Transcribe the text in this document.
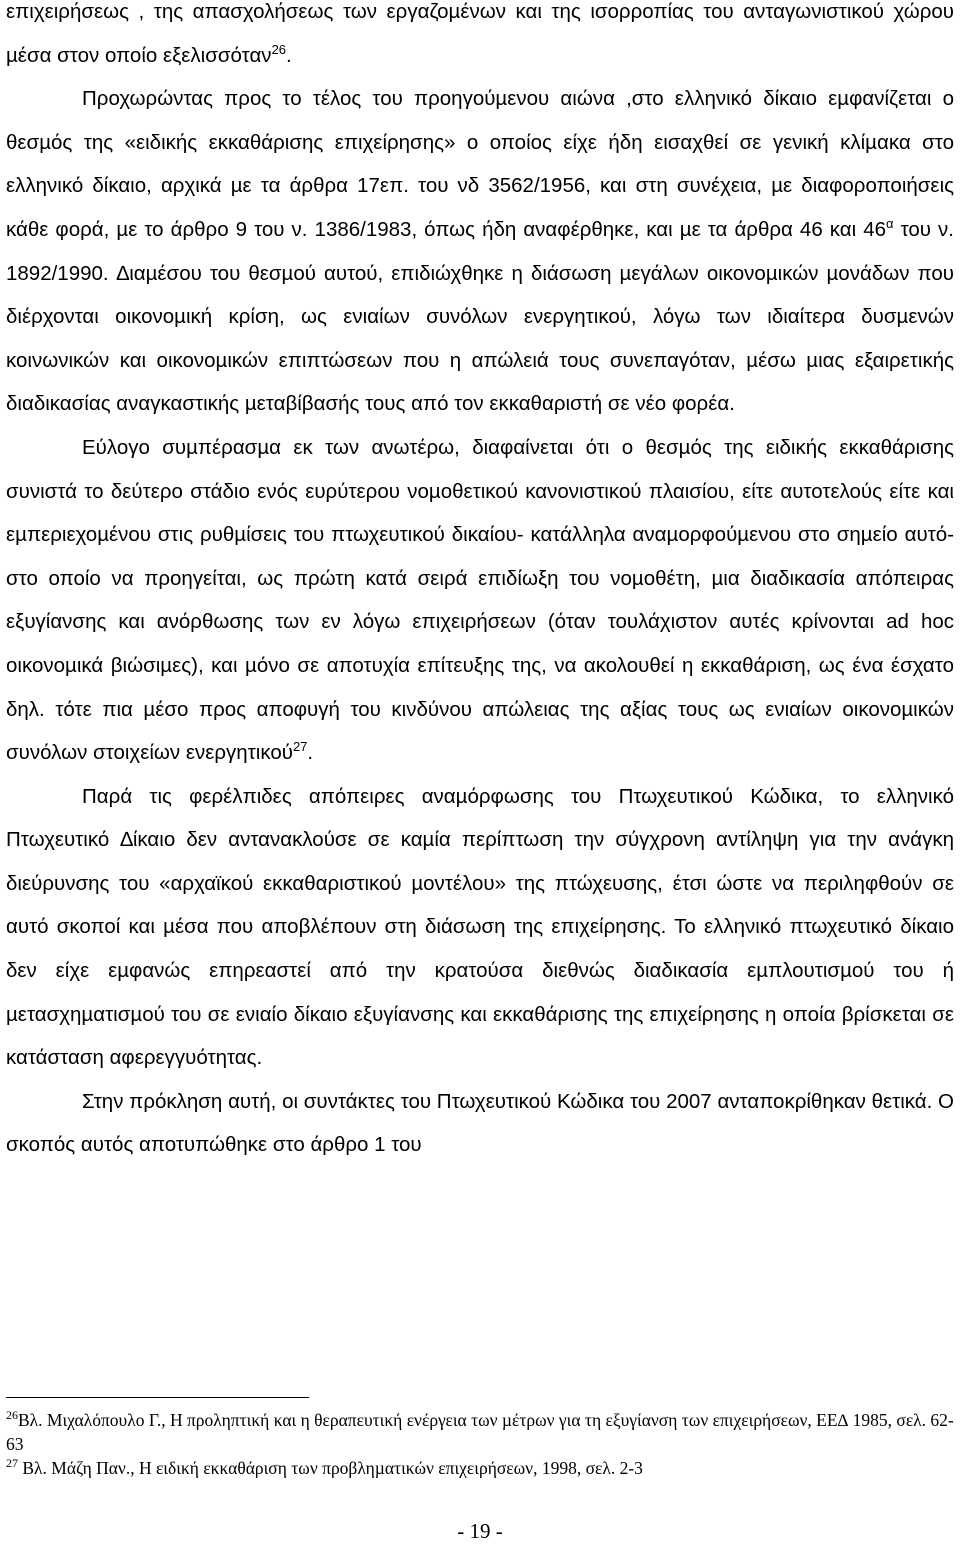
επιχειρήσεως , της απασχολήσεως των εργαζοµένων και της ισορροπίας του ανταγωνιστικού χώρου µέσα στον οποίο εξελισσόταν$^{26}$.

Προχωρώντας προς το τέλος του προηγούµενου αιώνα ,στο ελληνικό δίκαιο εµφανίζεται ο θεσµός της «ειδικής εκκαθάρισης επιχείρησης» ο οποίος είχε ήδη εισαχθεί σε γενική κλίµακα στο ελληνικό δίκαιο, αρχικά µε τα άρθρα 17επ. του νδ 3562/1956, και στη συνέχεια, µε διαφοροποιήσεις κάθε φορά, µε το άρθρο 9 του ν. 1386/1983, όπως ήδη αναφέρθηκε, και µε τα άρθρα 46 και $46^\alpha$ του ν. 1892/1990. ∆ιαµέσου του θεσµού αυτού, επιδιώχθηκε η διάσωση µεγάλων οικονοµικών µονάδων που διέρχονται οικονοµική κρίση, ως ενιαίων συνόλων ενεργητικού, λόγω των ιδιαίτερα δυσµενών κοινωνικών και οικονοµικών επιπτώσεων που η απώλειά τους συνεπαγόταν, µέσω µιας εξαιρετικής διαδικασίας αναγκαστικής µεταβίβασής τους από τον εκκαθαριστή σε νέο φορέα.

Εύλογο συµπέρασµα εκ των ανωτέρω, διαφαίνεται ότι ο θεσµός της ειδικής εκκαθάρισης συνιστά το δεύτερο στάδιο ενός ευρύτερου νοµοθετικού κανονιστικού πλαισίου, είτε αυτοτελούς είτε και εµπεριεχοµένου στις ρυθµίσεις του πτωχευτικού δικαίου- κατάλληλα αναµορφούµενου στο σηµείο αυτό- στο οποίο να προηγείται, ως πρώτη κατά σειρά επιδίωξη του νοµοθέτη, µια διαδικασία απόπειρας εξυγίανσης και ανόρθωσης των εν λόγω επιχειρήσεων (όταν τουλάχιστον αυτές κρίνονται ad hoc οικονοµικά βιώσιµες), και µόνο σε αποτυχία επίτευξης της, να ακολουθεί η εκκαθάριση, ως ένα έσχατο δηλ. τότε πια µέσο προς αποφυγή του κινδύνου απώλειας της αξίας τους ως ενιαίων οικονοµικών συνόλων στοιχείων ενεργητικού$^{27}$.

Παρά τις φερέλπιδες απόπειρες αναµόρφωσης του Πτωχευτικού Κώδικα, το ελληνικό Πτωχευτικό ∆ίκαιο δεν αντανακλούσε σε καµία περίπτωση την σύγχρονη αντίληψη για την ανάγκη διεύρυνσης του «αρχαϊκού εκκαθαριστικού µοντέλου» της πτώχευσης, έτσι ώστε να περιληφθούν σε αυτό σκοποί και µέσα που αποβλέπουν στη διάσωση της επιχείρησης. Το ελληνικό πτωχευτικό δίκαιο δεν είχε εµφανώς επηρεαστεί από την κρατούσα διεθνώς διαδικασία εµπλουτισµού του ή µετασχηµατισµού του σε ενιαίο δίκαιο εξυγίανσης και εκκαθάρισης της επιχείρησης η οποία βρίσκεται σε κατάσταση αφερεγγυότητας.

Στην πρόκληση αυτή, οι συντάκτες του Πτωχευτικού Κώδικα του 2007 ανταποκρίθηκαν θετικά. Ο σκοπός αυτός αποτυπώθηκε στο άρθρο 1 του

$^{26}$Βλ. Μιχαλόπουλο Γ., Η προληπτική και η θεραπευτική ενέργεια των µέτρων για τη εξυγίανση των επιχειρήσεων, ΕΕ∆ 1985, σελ. 62-63

$^{27}$ Βλ. Μάζη Παν., Η ειδική εκκαθάριση των προβληµατικών επιχειρήσεων, 1998, σελ. 2-3

- 19 -
